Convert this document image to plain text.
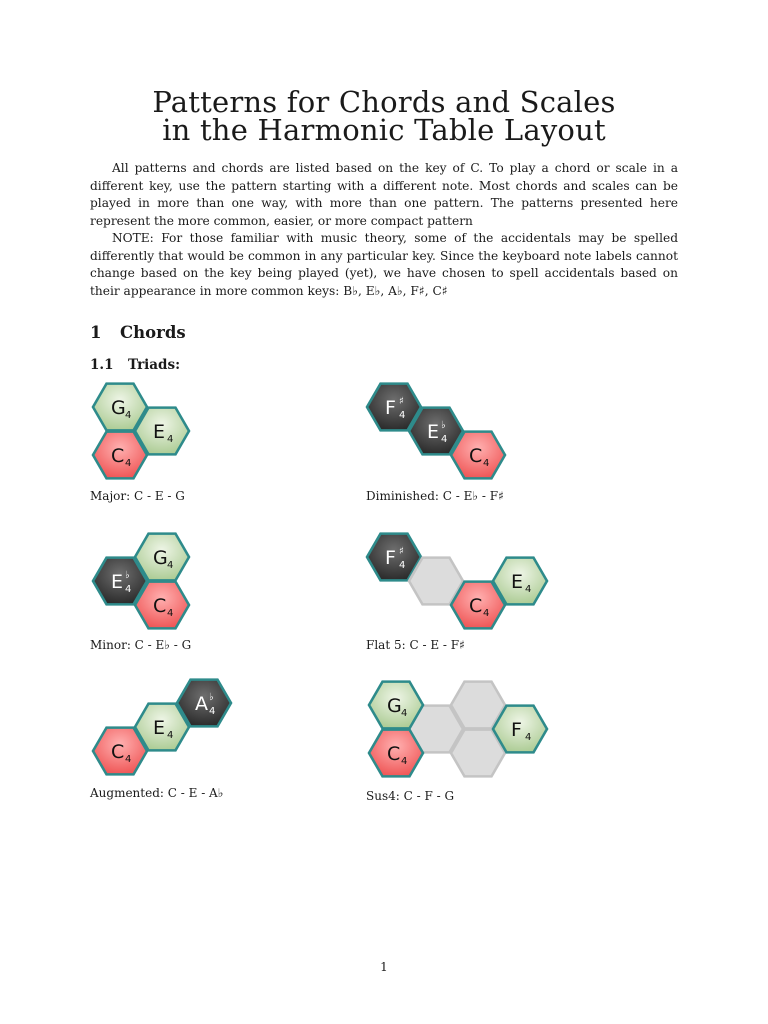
Patterns for Chords and Scales
in the Harmonic Table Layout
All patterns and chords are listed based on the key of C. To play a chord or scale in a different key, use the pattern starting with a different note. Most chords and scales can be played in more than one way, with more than one pattern. The patterns presented here represent the more common, easier, or more compact pattern
NOTE: For those familiar with music theory, some of the accidentals may be spelled differently that would be common in any particular key. Since the keyboard note labels cannot change based on the key being played (yet), we have chosen to spell accidentals based on their appearance in more common keys: B♭, E♭, A♭, F♯, C♯
1 Chords
1.1 Triads:
G 4
E 4
C 4
Major: C - E - G
F 4
♯
E 4
♭
C 4
Diminished: C - E♭ - F♯
G 4
E 4
♭
C 4
Minor: C - E♭ - G
F 4
♯
C 4
E 4
Flat 5: C - E - F♯
A 4
♭
E 4
C 4
Augmented: C - E - A♭
G 4
C 4
F 4
Sus4: C - F - G
1
